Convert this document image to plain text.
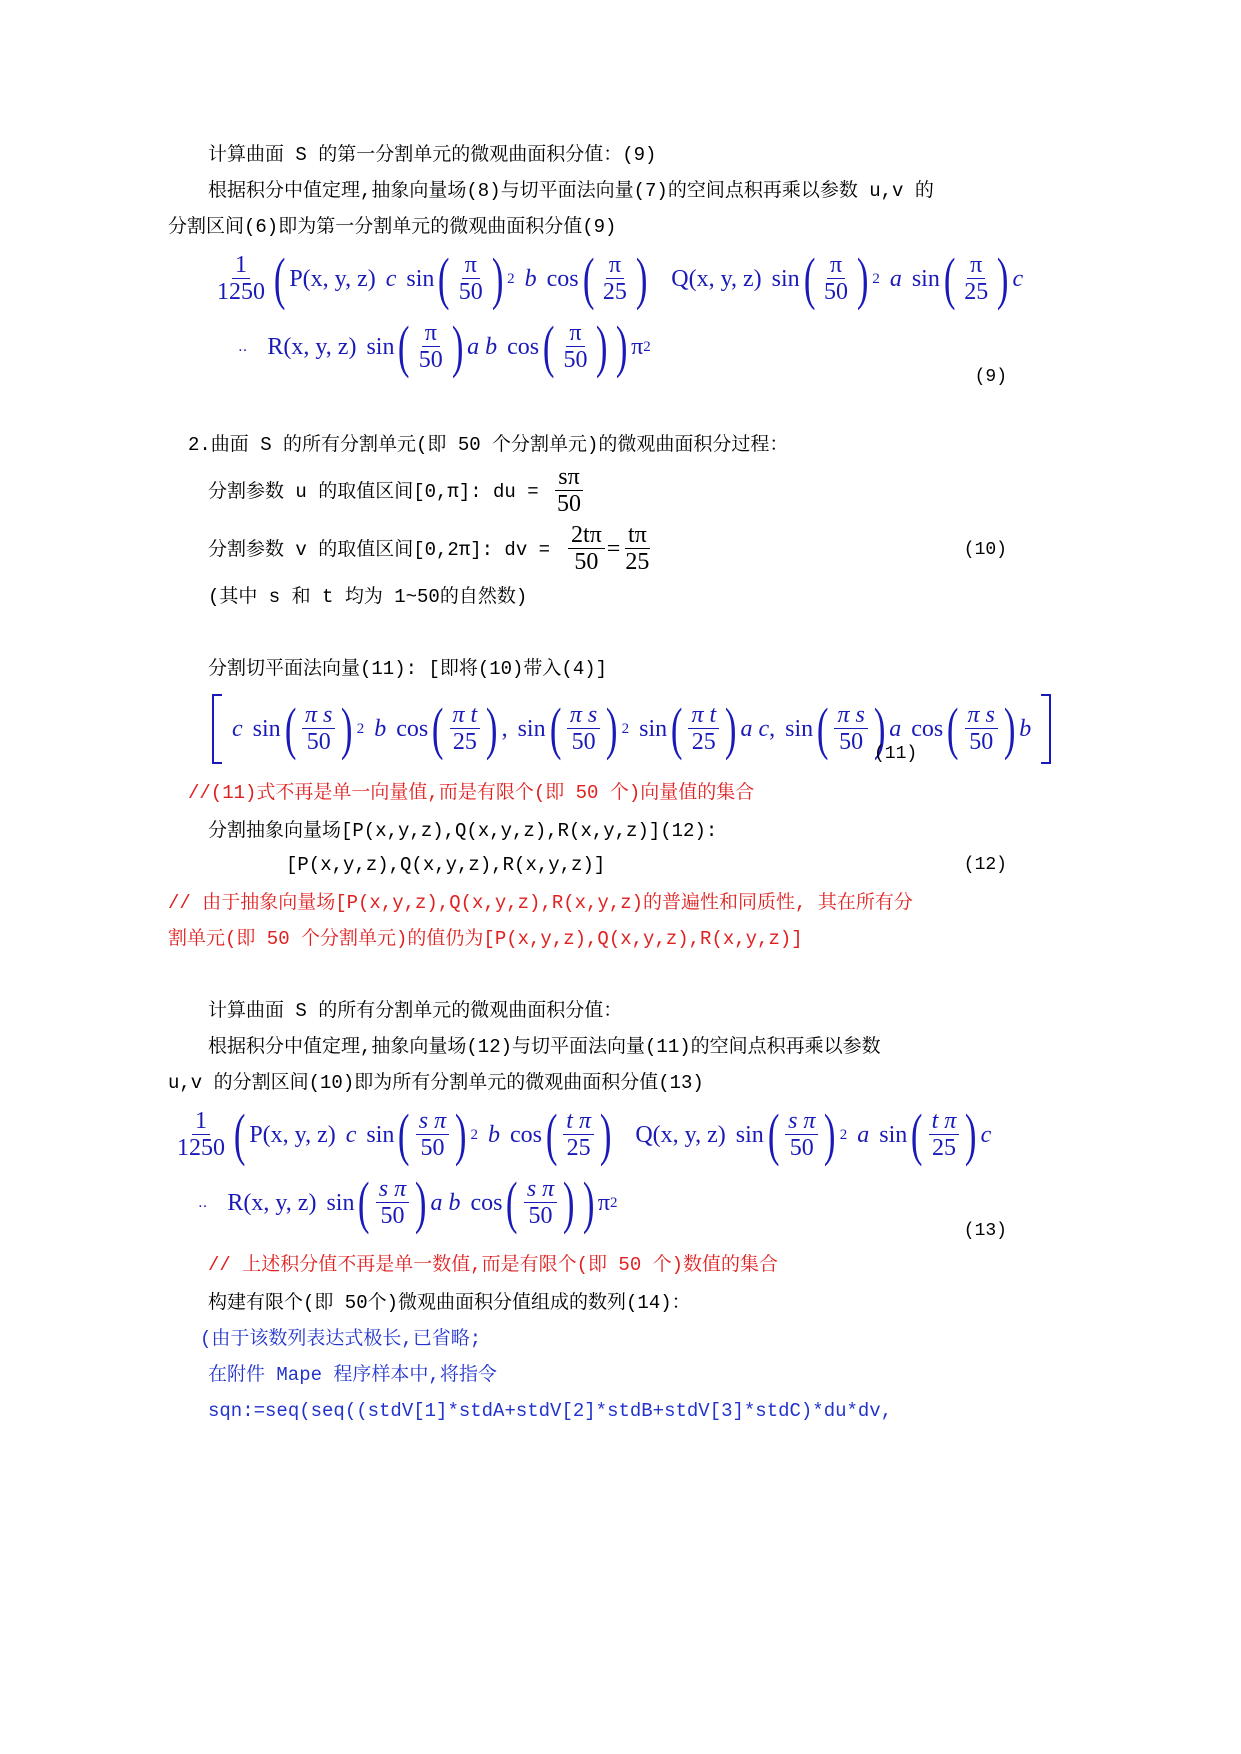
计算曲面 S 的第一分割单元的微观曲面积分值：(9)
根据积分中值定理,抽象向量场(8)与切平面法向量(7)的空间点积再乘以参数 u,v 的
分割区间(6)即为第一分割单元的微观曲面积分值(9)
$\frac{1}{1250}$ ( P(x, y, z) c sin ( $\frac{\pi}{50}$ ) 2 b cos ( $\frac{\pi}{25}$ ) Q(x, y, z) sin ( $\frac{\pi}{50}$ ) 2 a sin ( $\frac{\pi}{25}$ ) c
‥ R(x, y, z) sin ( $\frac{\pi}{50}$ ) a b cos ( $\frac{\pi}{50}$ ) ) π 2
(9)
2.曲面 S 的所有分割单元(即 50 个分割单元)的微观曲面积分过程：
分割参数 u 的取值区间[0,π]: du = $\frac{s\pi}{50}$
分割参数 v 的取值区间[0,2π]: dv = $\frac{2t\pi}{50} = \frac{t\pi}{25}$	(10)
(其中 s 和 t 均为 1~50的自然数)
分割切平面法向量(11): [即将(10)带入(4)]
c sin ( $\frac{\text{π s}}{50}$ ) 2 b cos ( $\frac{\text{π t}}{25}$ ) , sin ( $\frac{\text{π s}}{50}$ ) 2 sin ( $\frac{\text{π t}}{25}$ ) a c , sin ( $\frac{\text{π s}}{50}$ ) a cos ( $\frac{\text{π s}}{50}$ ) b
(11)
//(11)式不再是单一向量值,而是有限个(即 50 个)向量值的集合
分割抽象向量场[P(x,y,z),Q(x,y,z),R(x,y,z)](12):
[P(x,y,z),Q(x,y,z),R(x,y,z)]	(12)
// 由于抽象向量场[P(x,y,z),Q(x,y,z),R(x,y,z)的普遍性和同质性, 其在所有分
割单元(即 50 个分割单元)的值仍为[P(x,y,z),Q(x,y,z),R(x,y,z)]
计算曲面 S 的所有分割单元的微观曲面积分值：
根据积分中值定理,抽象向量场(12)与切平面法向量(11)的空间点积再乘以参数
u,v 的分割区间(10)即为所有分割单元的微观曲面积分值(13)
$\frac{1}{1250}$ ( P(x, y, z) c sin ( $\frac{\text{s π}}{50}$ ) 2 b cos ( $\frac{\text{t π}}{25}$ ) Q(x, y, z) sin ( $\frac{\text{s π}}{50}$ ) 2 a sin ( $\frac{\text{t π}}{25}$ ) c
‥ R(x, y, z) sin ( $\frac{\text{s π}}{50}$ ) a b cos ( $\frac{\text{s π}}{50}$ ) ) π 2
(13)
// 上述积分值不再是单一数值,而是有限个(即 50 个)数值的集合
构建有限个(即 50个)微观曲面积分值组成的数列(14)：
(由于该数列表达式极长,已省略;
在附件 Mape 程序样本中,将指令
sqn:=seq(seq((stdV[1]*stdA+stdV[2]*stdB+stdV[3]*stdC)*du*dv,
